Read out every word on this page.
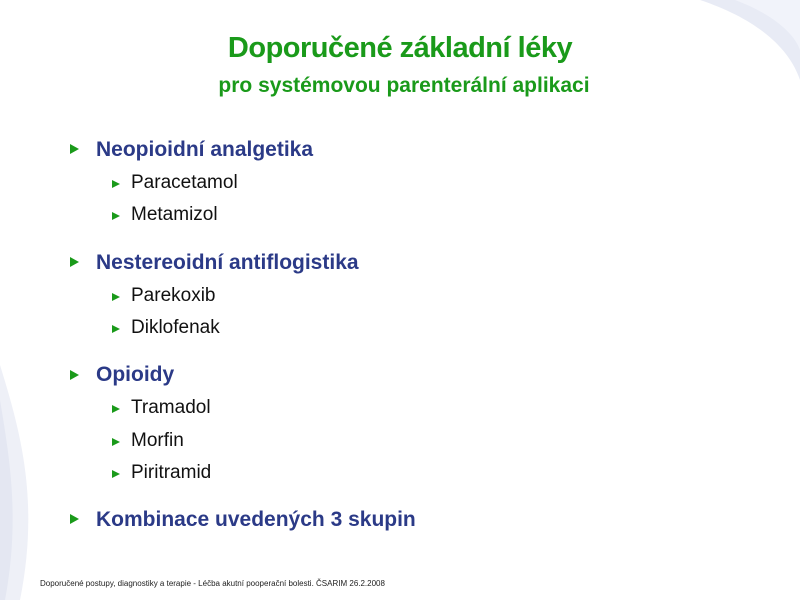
Doporučené základní léky
pro systémovou parenterální aplikaci
Neopioidní analgetika
Paracetamol
Metamizol
Nestereoidní antiflogistika
Parekoxib
Diklofenak
Opioidy
Tramadol
Morfin
Piritramid
Kombinace uvedených 3 skupin
Doporučené postupy, diagnostiky a terapie - Léčba akutní pooperační bolesti. ČSARIM 26.2.2008
